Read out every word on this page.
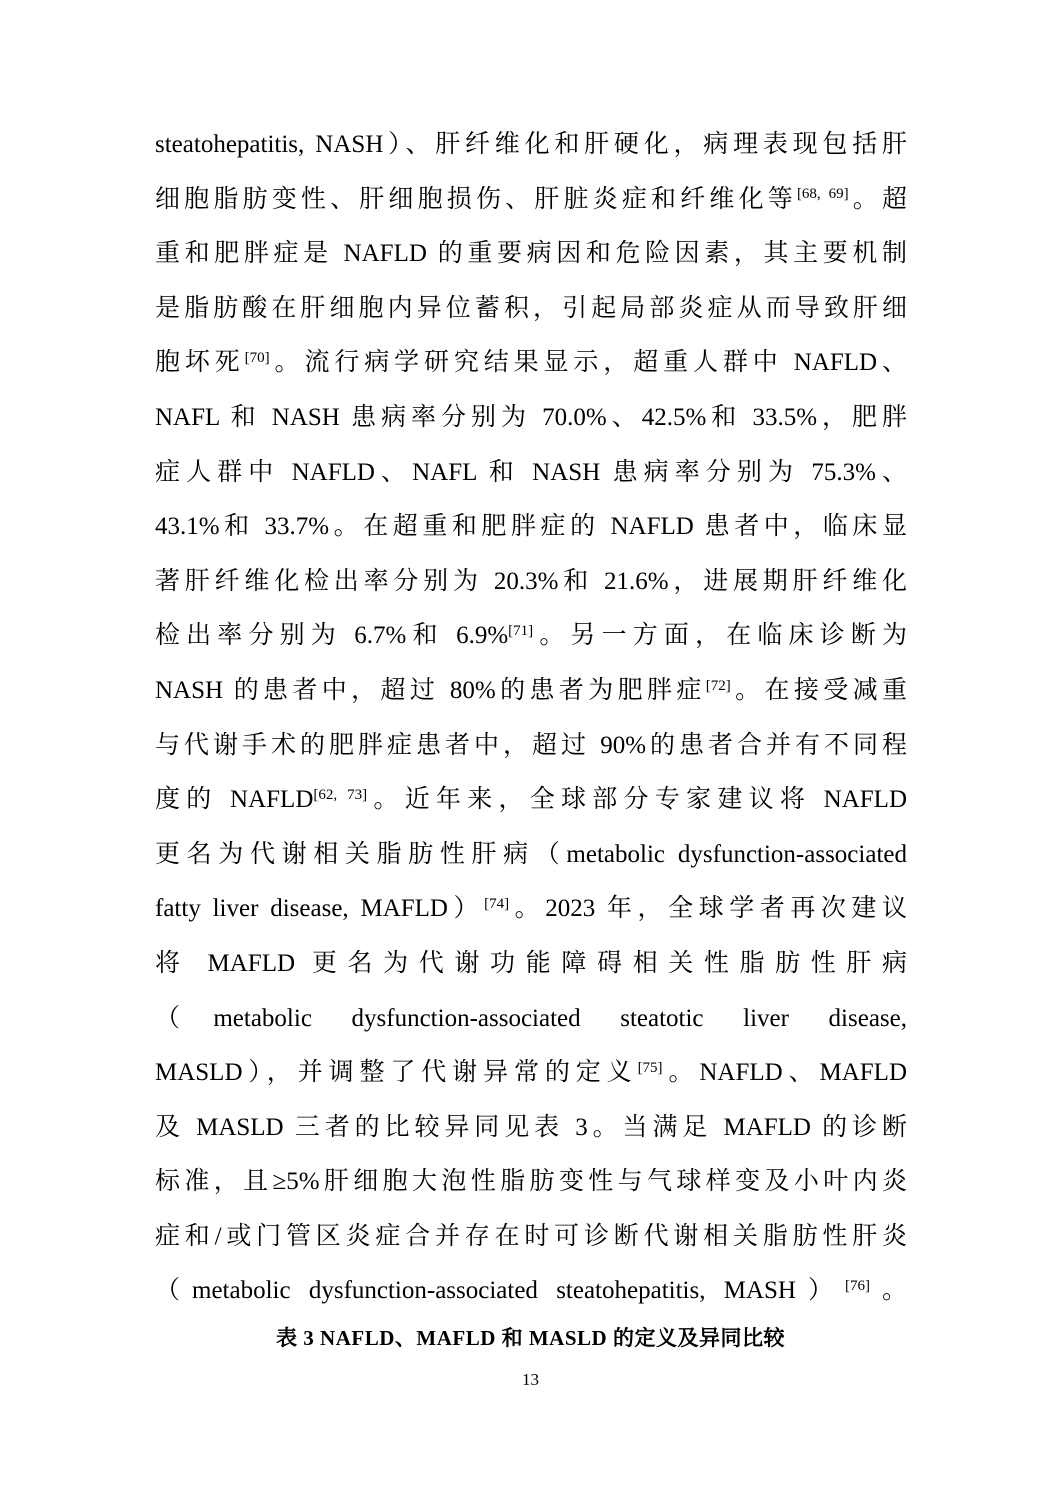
steatohepatitis, NASH）、肝纤维化和肝硬化，病理表现包括肝
细胞脂肪变性、肝细胞损伤、肝脏炎症和纤维化等[68, 69]。超
重和肥胖症是 NAFLD 的重要病因和危险因素，其主要机制
是脂肪酸在肝细胞内异位蓄积，引起局部炎症从而导致肝细
胞坏死[70]。流行病学研究结果显示，超重人群中 NAFLD、
NAFL 和 NASH 患病率分别为 70.0%、42.5%和 33.5%，肥胖
症人群中 NAFLD、NAFL 和 NASH 患病率分别为 75.3%、
43.1%和 33.7%。在超重和肥胖症的 NAFLD 患者中，临床显
著肝纤维化检出率分别为 20.3%和 21.6%，进展期肝纤维化
检出率分别为 6.7%和 6.9%[71]。另一方面，在临床诊断为
NASH 的患者中，超过 80%的患者为肥胖症[72]。在接受减重
与代谢手术的肥胖症患者中，超过 90%的患者合并有不同程
度的 NAFLD[62, 73]。近年来，全球部分专家建议将 NAFLD
更名为代谢相关脂肪性肝病（metabolic dysfunction-associated
fatty liver disease, MAFLD）[74]。2023 年，全球学者再次建议
将 MAFLD 更名为代谢功能障碍相关性脂肪性肝病
（metabolic dysfunction-associated steatotic liver disease,
MASLD），并调整了代谢异常的定义[75]。NAFLD、MAFLD
及 MASLD 三者的比较异同见表 3。当满足 MAFLD 的诊断
标准，且≥5%肝细胞大泡性脂肪变性与气球样变及小叶内炎
症和/或门管区炎症合并存在时可诊断代谢相关脂肪性肝炎
（metabolic dysfunction-associated steatohepatitis, MASH）[76]。
表 3 NAFLD、MAFLD 和 MASLD 的定义及异同比较
13
